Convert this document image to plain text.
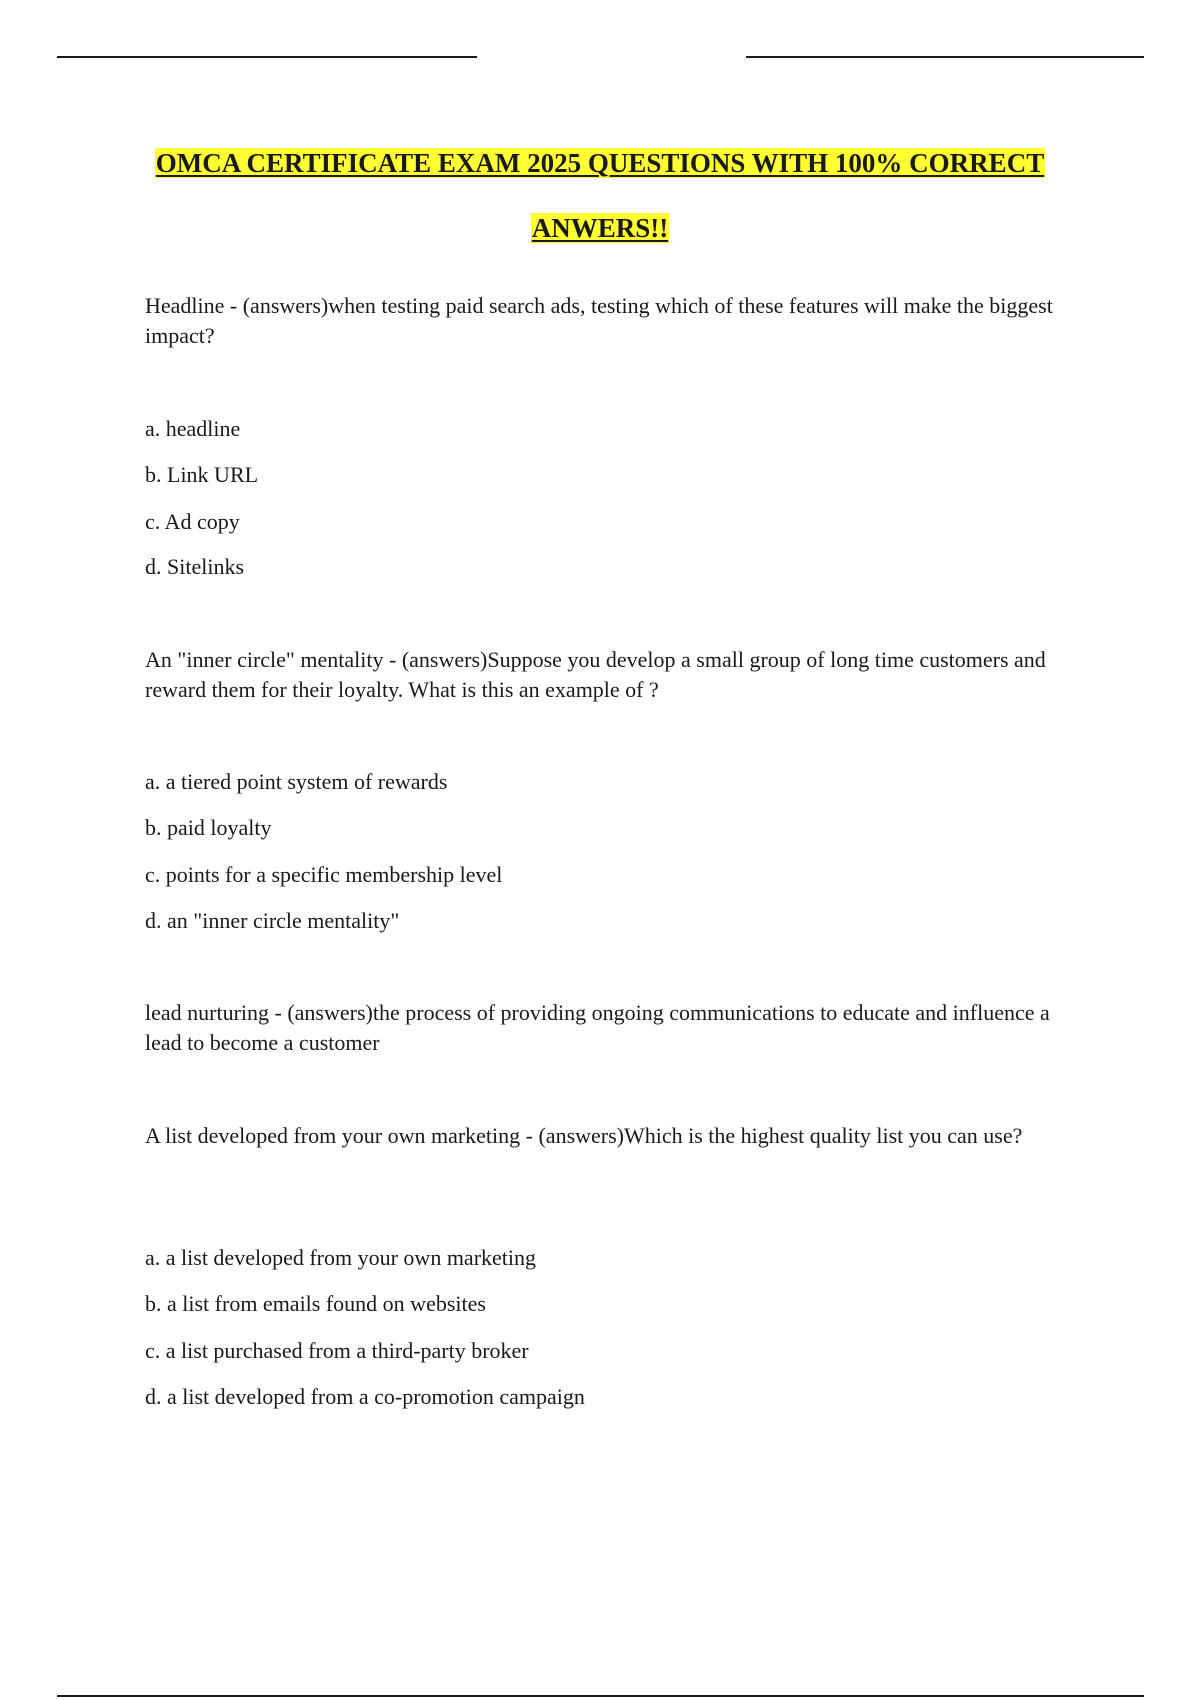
OMCA CERTIFICATE EXAM 2025 QUESTIONS WITH 100% CORRECT
ANWERS!!

Headline - (answers)when testing paid search ads, testing which of these features will make the biggest impact?

a. headline

b. Link URL

c. Ad copy

d. Sitelinks

An "inner circle" mentality - (answers)Suppose you develop a small group of long time customers and reward them for their loyalty. What is this an example of ?

a. a tiered point system of rewards

b. paid loyalty

c. points for a specific membership level

d. an "inner circle mentality"

lead nurturing - (answers)the process of providing ongoing communications to educate and influence a lead to become a customer

A list developed from your own marketing - (answers)Which is the highest quality list you can use?

a. a list developed from your own marketing

b. a list from emails found on websites

c. a list purchased from a third-party broker

d. a list developed from a co-promotion campaign
